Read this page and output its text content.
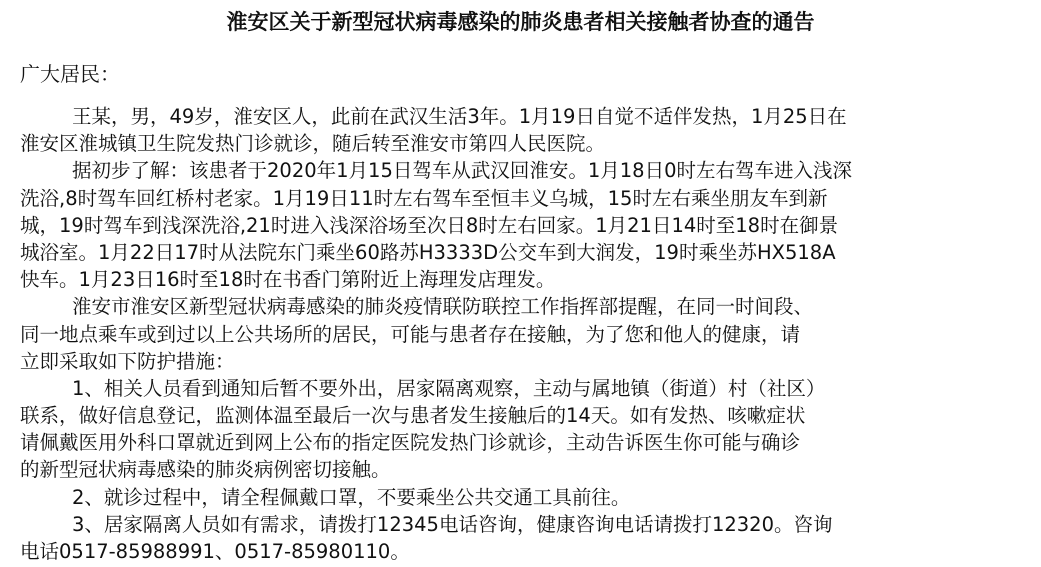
淮安区关于新型冠状病毒感染的肺炎患者相关接触者协查的通告
广大居民：
王某，男，49岁，淮安区人，此前在武汉生活3年。1月19日自觉不适伴发热，1月25日在
淮安区淮城镇卫生院发热门诊就诊，随后转至淮安市第四人民医院。
据初步了解：该患者于2020年1月15日驾车从武汉回淮安。1月18日0时左右驾车进入浅深
洗浴,8时驾车回红桥村老家。1月19日11时左右驾车至恒丰义乌城，15时左右乘坐朋友车到新
城，19时驾车到浅深洗浴,21时进入浅深浴场至次日8时左右回家。1月21日14时至18时在御景
城浴室。1月22日17时从法院东门乘坐60路苏H3333D公交车到大润发，19时乘坐苏HX518A
快车。1月23日16时至18时在书香门第附近上海理发店理发。
淮安市淮安区新型冠状病毒感染的肺炎疫情联防联控工作指挥部提醒，在同一时间段、
同一地点乘车或到过以上公共场所的居民，可能与患者存在接触，为了您和他人的健康，请
立即采取如下防护措施：
1、相关人员看到通知后暂不要外出，居家隔离观察，主动与属地镇（街道）村（社区）
联系，做好信息登记，监测体温至最后一次与患者发生接触后的14天。如有发热、咳嗽症状
请佩戴医用外科口罩就近到网上公布的指定医院发热门诊就诊，主动告诉医生你可能与确诊
的新型冠状病毒感染的肺炎病例密切接触。
2、就诊过程中，请全程佩戴口罩，不要乘坐公共交通工具前往。
3、居家隔离人员如有需求，请拨打12345电话咨询，健康咨询电话请拨打12320。咨询
电话0517-85988991、0517-85980110。
